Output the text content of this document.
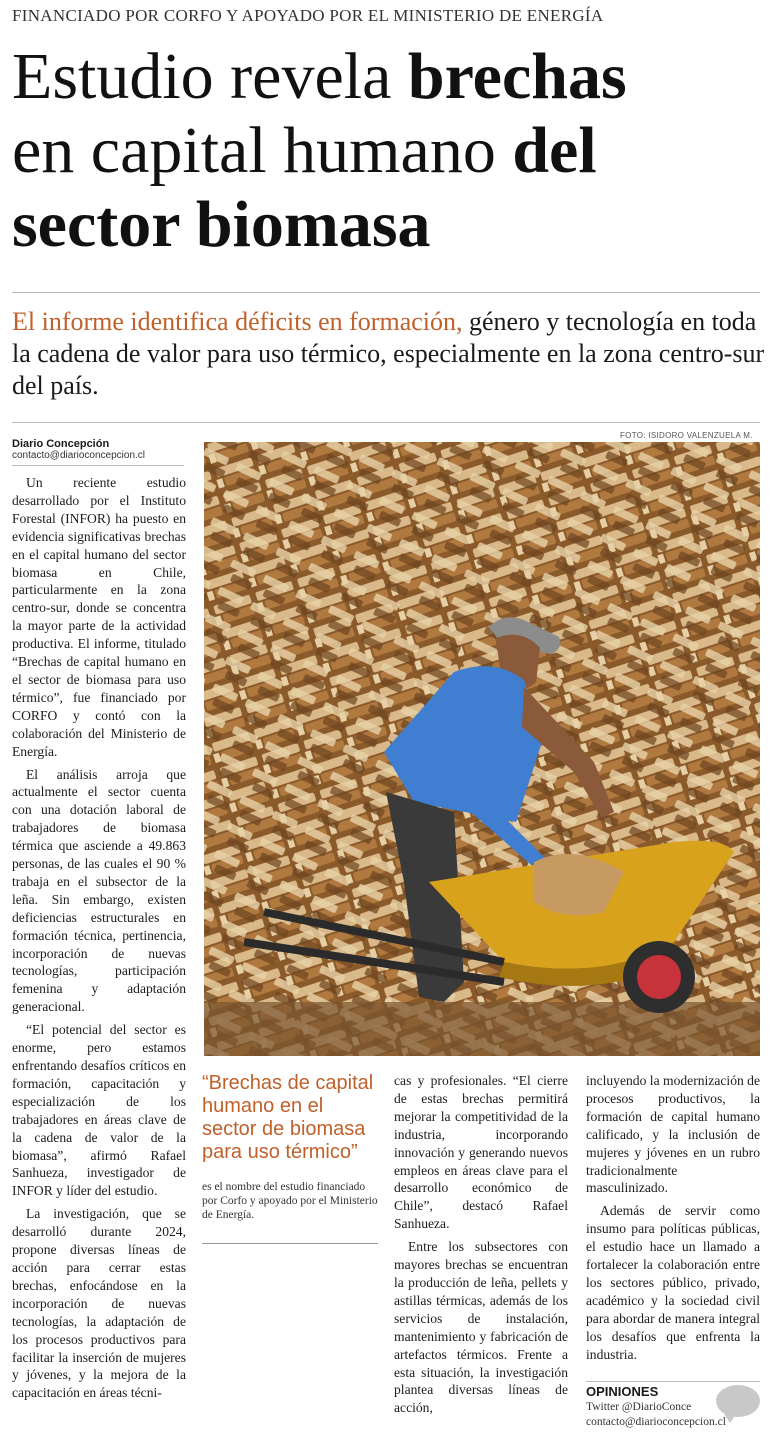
FINANCIADO POR CORFO Y APOYADO POR EL MINISTERIO DE ENERGÍA
Estudio revela brechas
en capital humano del
sector biomasa
El informe identifica déficits en formación, género y tecnología en toda la cadena de valor para uso térmico, especialmente en la zona centro-sur del país.
Diario Concepción
contacto@diarioconcepcion.cl

Un reciente estudio desarrollado por el Instituto Forestal (INFOR) ha puesto en evidencia significativas brechas en el capital humano del sector biomasa en Chile, particularmente en la zona centro-sur, donde se concentra la mayor parte de la actividad productiva. El informe, titulado “Brechas de capital humano en el sector de biomasa para uso térmico”, fue financiado por CORFO y contó con la colaboración del Ministerio de Energía.

El análisis arroja que actualmente el sector cuenta con una dotación laboral de trabajadores de biomasa térmica que asciende a 49.863 personas, de las cuales el 90 % trabaja en el subsector de la leña. Sin embargo, existen deficiencias estructurales en formación técnica, pertinencia, incorporación de nuevas tecnologías, participación femenina y adaptación generacional.

“El potencial del sector es enorme, pero estamos enfrentando desafíos críticos en formación, capacitación y especialización de los trabajadores en áreas clave de la cadena de valor de la biomasa”, afirmó Rafael Sanhueza, investigador de INFOR y líder del estudio.

La investigación, que se desarrolló durante 2024, propone diversas líneas de acción para cerrar estas brechas, enfocándose en la incorporación de nuevas tecnologías, la adaptación de los procesos productivos para facilitar la inserción de mujeres y jóvenes, y la mejora de la capacitación en áreas técni-

FOTO: ISIDORO VALENZUELA M.
“Brechas de capital humano en el sector de biomasa para uso térmico”
es el nombre del estudio financiado por Corfo y apoyado por el Ministerio de Energía.

cas y profesionales. “El cierre de estas brechas permitirá mejorar la competitividad de la industria, incorporando innovación y generando nuevos empleos en áreas clave para el desarrollo económico de Chile”, destacó Rafael Sanhueza.

Entre los subsectores con mayores brechas se encuentran la producción de leña, pellets y astillas térmicas, además de los servicios de instalación, mantenimiento y fabricación de artefactos térmicos. Frente a esta situación, la investigación plantea diversas líneas de acción,

incluyendo la modernización de procesos productivos, la formación de capital humano calificado, y la inclusión de mujeres y jóvenes en un rubro tradicionalmente masculinizado.

Además de servir como insumo para políticas públicas, el estudio hace un llamado a fortalecer la colaboración entre los sectores público, privado, académico y la sociedad civil para abordar de manera integral los desafíos que enfrenta la industria.

OPINIONES
Twitter @DiarioConce
contacto@diarioconcepcion.cl
